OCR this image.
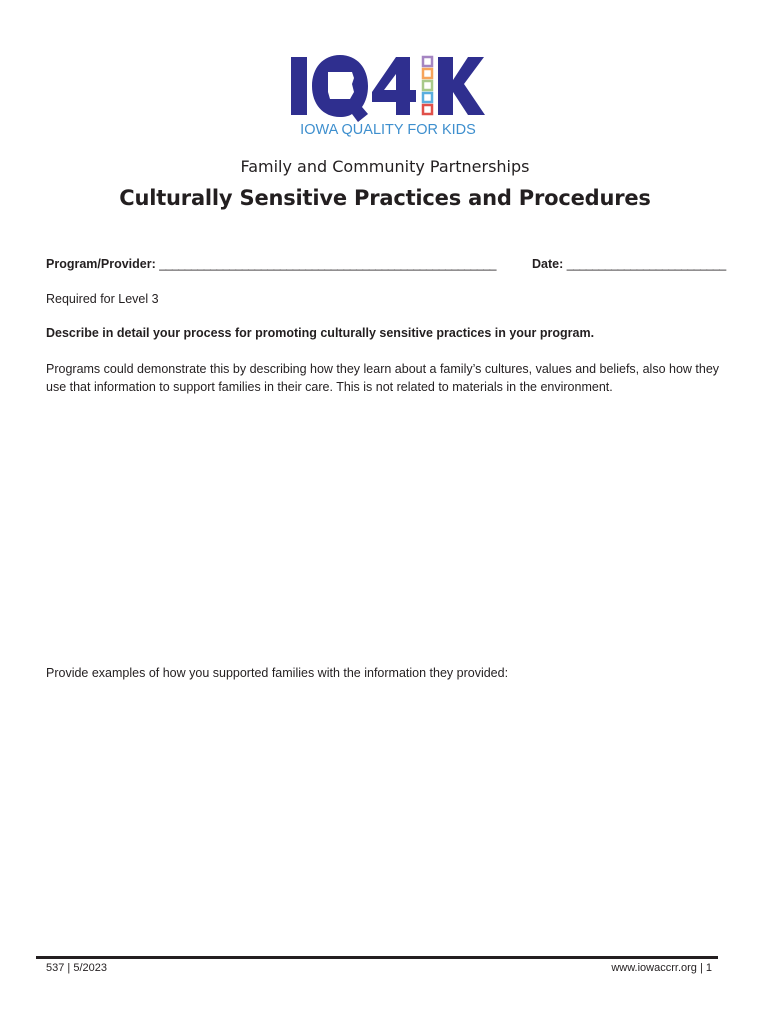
IOWA QUALITY FOR KIDS
Family and Community Partnerships
Culturally Sensitive Practices and Procedures
Program/Provider: _____________________________________________________	Date: _________________________
Required for Level 3
Describe in detail your process for promoting culturally sensitive practices in your program.
Programs could demonstrate this by describing how they learn about a family’s cultures, values and beliefs, also how they use that information to support families in their care. This is not related to materials in the environment.
Provide examples of how you supported families with the information they provided:
537 | 5/2023	www.iowaccrr.org | 1
